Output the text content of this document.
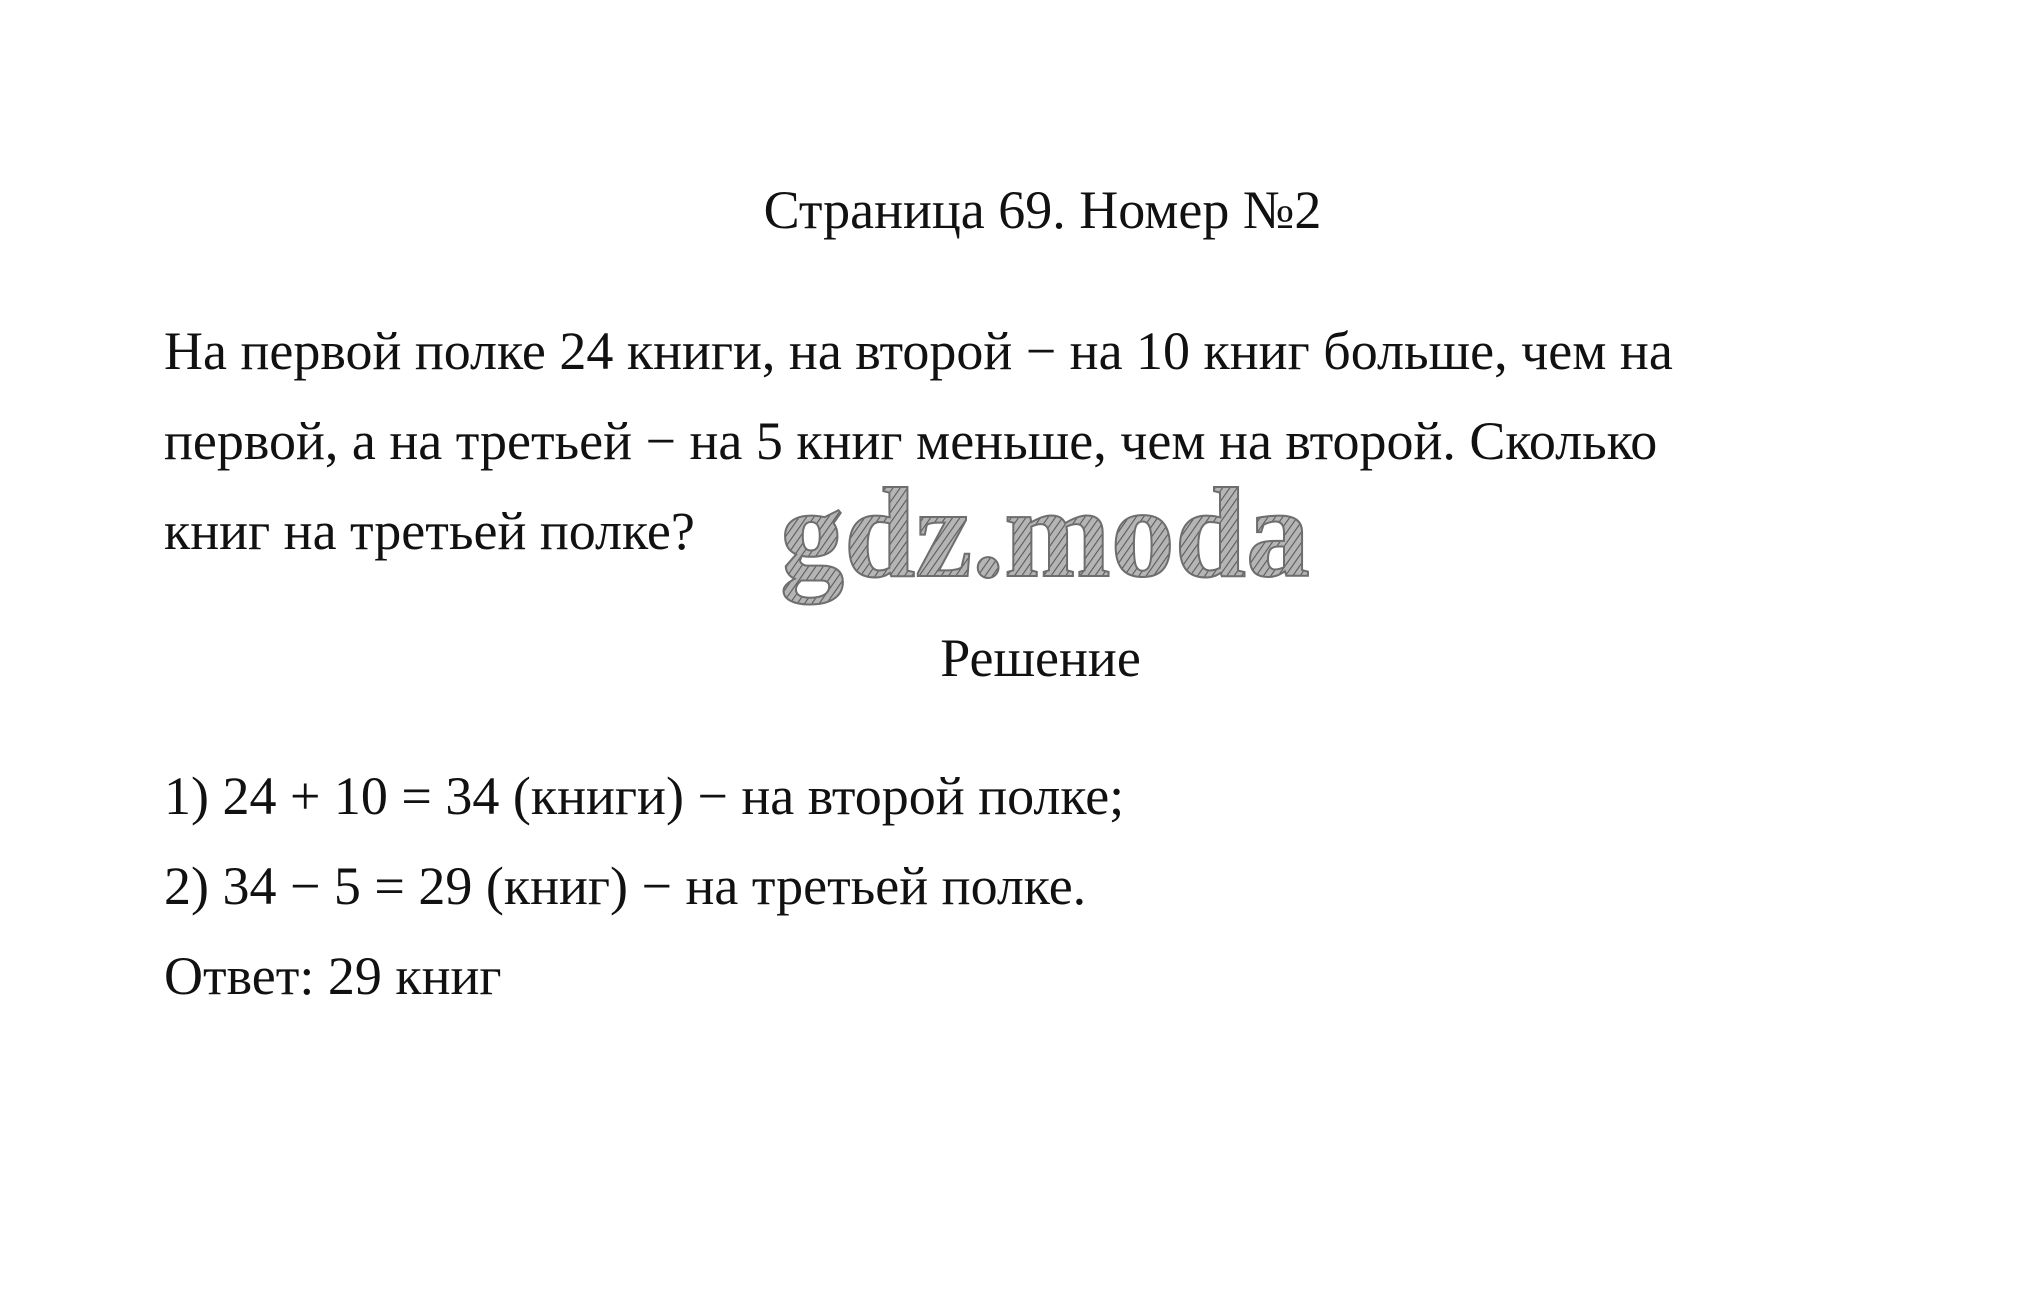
Страница 69. Номер №2
На первой полке 24 книги, на второй − на 10 книг больше, чем на
первой, а на третьей − на 5 книг меньше, чем на второй. Сколько
книг на третьей полке? gdz.moda
Решение
1) 24 + 10 = 34 (книги) − на второй полке;
2) 34 − 5 = 29 (книг) − на третьей полке.
Ответ: 29 книг
